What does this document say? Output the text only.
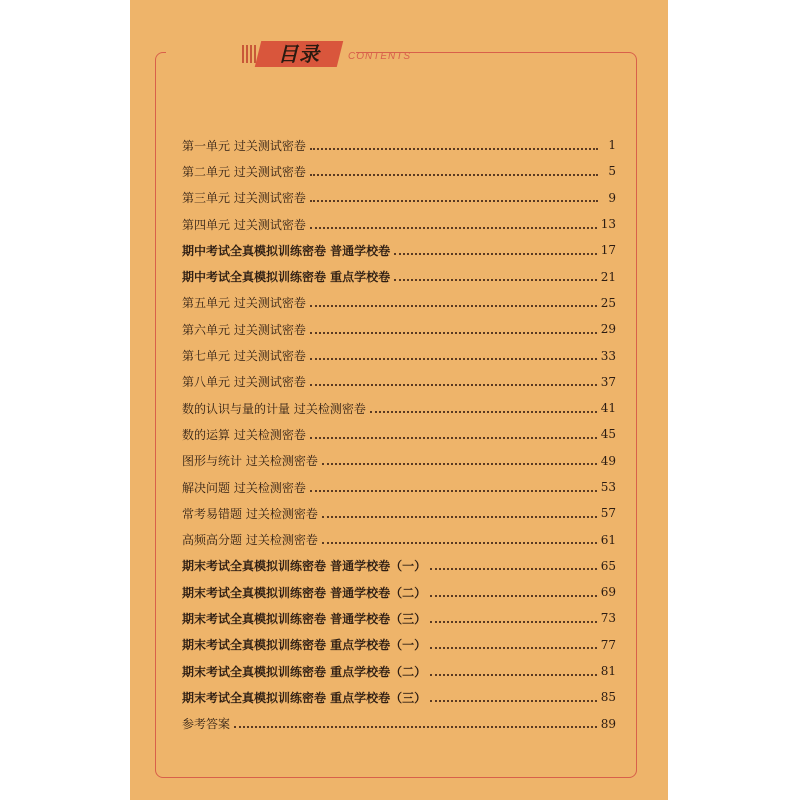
目录	CONTENTS
第一单元 过关测试密卷	1
第二单元 过关测试密卷	5
第三单元 过关测试密卷	9
第四单元 过关测试密卷	13
期中考试全真模拟训练密卷 普通学校卷	17
期中考试全真模拟训练密卷 重点学校卷	21
第五单元 过关测试密卷	25
第六单元 过关测试密卷	29
第七单元 过关测试密卷	33
第八单元 过关测试密卷	37
数的认识与量的计量 过关检测密卷	41
数的运算 过关检测密卷	45
图形与统计 过关检测密卷	49
解决问题 过关检测密卷	53
常考易错题 过关检测密卷	57
高频高分题 过关检测密卷	61
期末考试全真模拟训练密卷 普通学校卷（一）	65
期末考试全真模拟训练密卷 普通学校卷（二）	69
期末考试全真模拟训练密卷 普通学校卷（三）	73
期末考试全真模拟训练密卷 重点学校卷（一）	77
期末考试全真模拟训练密卷 重点学校卷（二）	81
期末考试全真模拟训练密卷 重点学校卷（三）	85
参考答案	89
